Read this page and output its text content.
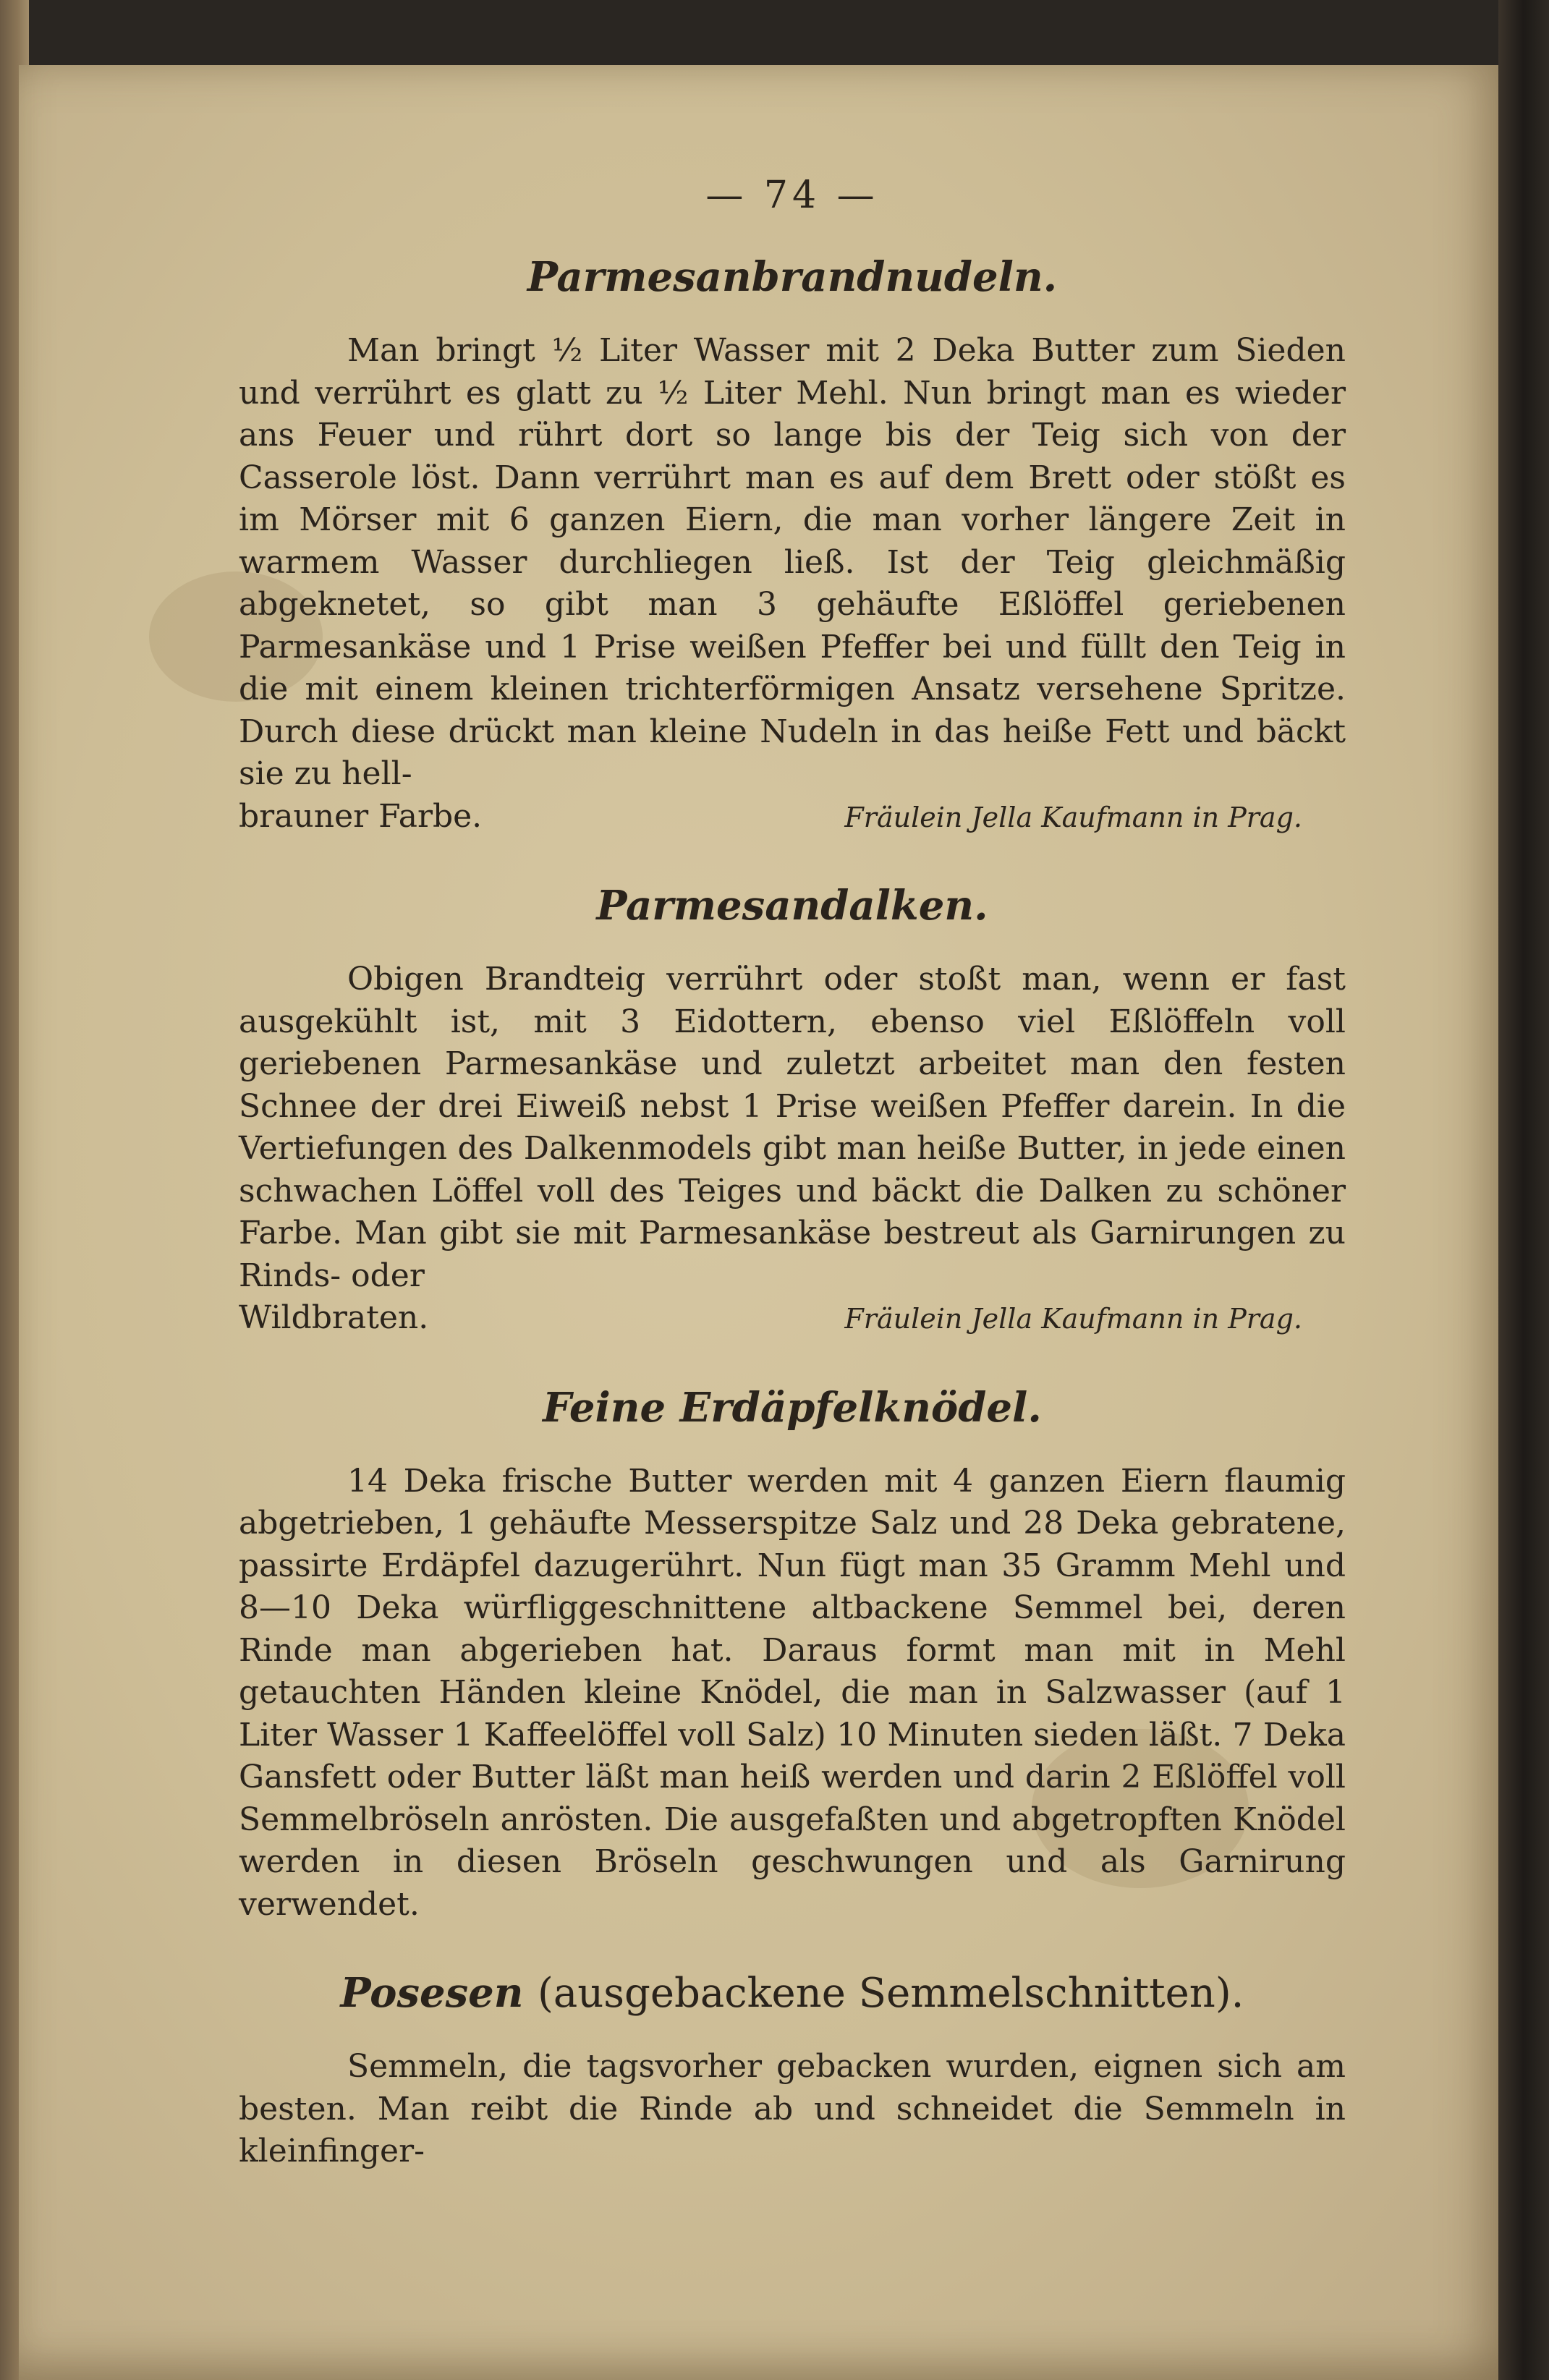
— 74 —
Parmesanbrandnudeln.

Man bringt ½ Liter Wasser mit 2 Deka Butter zum Sieden und verrührt es glatt zu ½ Liter Mehl. Nun bringt man es wieder ans Feuer und rührt dort so lange bis der Teig sich von der Casserole löst. Dann verrührt man es auf dem Brett oder stößt es im Mörser mit 6 ganzen Eiern, die man vorher längere Zeit in warmem Wasser durchliegen ließ. Ist der Teig gleichmäßig abgeknetet, so gibt man 3 gehäufte Eßlöffel geriebenen Parmesankäse und 1 Prise weißen Pfeffer bei und füllt den Teig in die mit einem kleinen trichterförmigen Ansatz versehene Spritze. Durch diese drückt man kleine Nudeln in das heiße Fett und bäckt sie zu hell-

brauner Farbe.	Fräulein Jella Kaufmann in Prag.
Parmesandalken.

Obigen Brandteig verrührt oder stoßt man, wenn er fast ausgekühlt ist, mit 3 Eidottern, ebenso viel Eßlöffeln voll geriebenen Parmesankäse und zuletzt arbeitet man den festen Schnee der drei Eiweiß nebst 1 Prise weißen Pfeffer darein. In die Vertiefungen des Dalkenmodels gibt man heiße Butter, in jede einen schwachen Löffel voll des Teiges und bäckt die Dalken zu schöner Farbe. Man gibt sie mit Parmesankäse bestreut als Garnirungen zu Rinds- oder

Wildbraten.	Fräulein Jella Kaufmann in Prag.
Feine Erdäpfelknödel.

14 Deka frische Butter werden mit 4 ganzen Eiern flaumig abgetrieben, 1 gehäufte Messerspitze Salz und 28 Deka gebratene, passirte Erdäpfel dazugerührt. Nun fügt man 35 Gramm Mehl und 8—10 Deka würfliggeschnittene altbackene Semmel bei, deren Rinde man abgerieben hat. Daraus formt man mit in Mehl getauchten Händen kleine Knödel, die man in Salzwasser (auf 1 Liter Wasser 1 Kaffeelöffel voll Salz) 10 Minuten sieden läßt. 7 Deka Gansfett oder Butter läßt man heiß werden und darin 2 Eßlöffel voll Semmelbröseln anrösten. Die ausgefaßten und abgetropften Knödel werden in diesen Bröseln geschwungen und als Garnirung verwendet.

Posesen (ausgebackene Semmelschnitten).

Semmeln, die tagsvorher gebacken wurden, eignen sich am besten. Man reibt die Rinde ab und schneidet die Semmeln in kleinfinger-
